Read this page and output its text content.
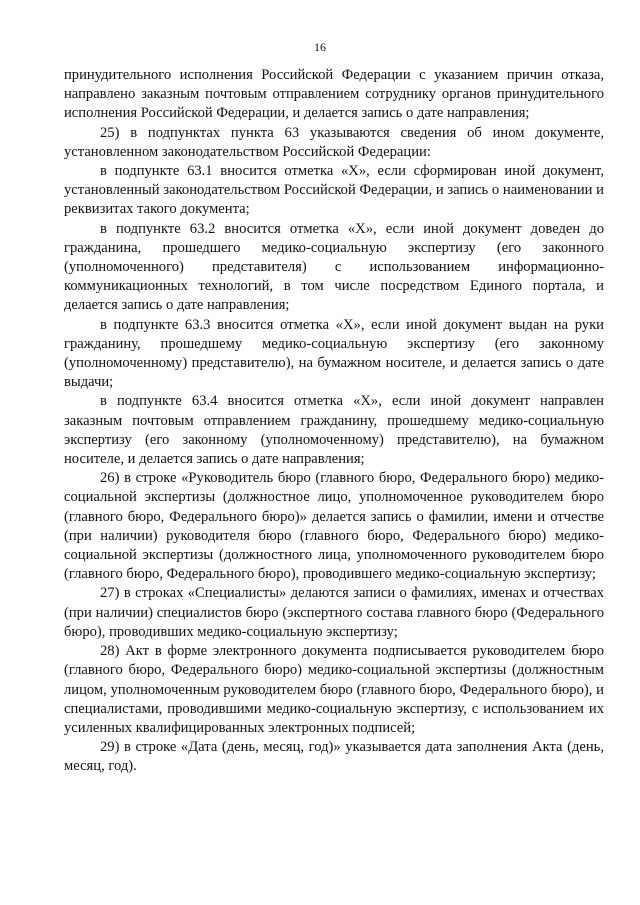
16

принудительного исполнения Российской Федерации с указанием причин отказа, направлено заказным почтовым отправлением сотруднику органов принудительного исполнения Российской Федерации, и делается запись о дате направления;

25) в подпунктах пункта 63 указываются сведения об ином документе, установленном законодательством Российской Федерации:

в подпункте 63.1 вносится отметка «Х», если сформирован иной документ, установленный законодательством Российской Федерации, и запись о наименовании и реквизитах такого документа;

в подпункте 63.2 вносится отметка «Х», если иной документ доведен до гражданина, прошедшего медико-социальную экспертизу (его законного (уполномоченного) представителя) с использованием информационно-коммуникационных технологий, в том числе посредством Единого портала, и делается запись о дате направления;

в подпункте 63.3 вносится отметка «Х», если иной документ выдан на руки гражданину, прошедшему медико-социальную экспертизу (его законному (уполномоченному) представителю), на бумажном носителе, и делается запись о дате выдачи;

в подпункте 63.4 вносится отметка «Х», если иной документ направлен заказным почтовым отправлением гражданину, прошедшему медико-социальную экспертизу (его законному (уполномоченному) представителю), на бумажном носителе, и делается запись о дате направления;

26) в строке «Руководитель бюро (главного бюро, Федерального бюро) медико-социальной экспертизы (должностное лицо, уполномоченное руководителем бюро (главного бюро, Федерального бюро)» делается запись о фамилии, имени и отчестве (при наличии) руководителя бюро (главного бюро, Федерального бюро) медико-социальной экспертизы (должностного лица, уполномоченного руководителем бюро (главного бюро, Федерального бюро), проводившего медико-социальную экспертизу;

27) в строках «Специалисты» делаются записи о фамилиях, именах и отчествах (при наличии) специалистов бюро (экспертного состава главного бюро (Федерального бюро), проводивших медико-социальную экспертизу;

28) Акт в форме электронного документа подписывается руководителем бюро (главного бюро, Федерального бюро) медико-социальной экспертизы (должностным лицом, уполномоченным руководителем бюро (главного бюро, Федерального бюро), и специалистами, проводившими медико-социальную экспертизу, с использованием их усиленных квалифицированных электронных подписей;

29) в строке «Дата (день, месяц, год)» указывается дата заполнения Акта (день, месяц, год).
